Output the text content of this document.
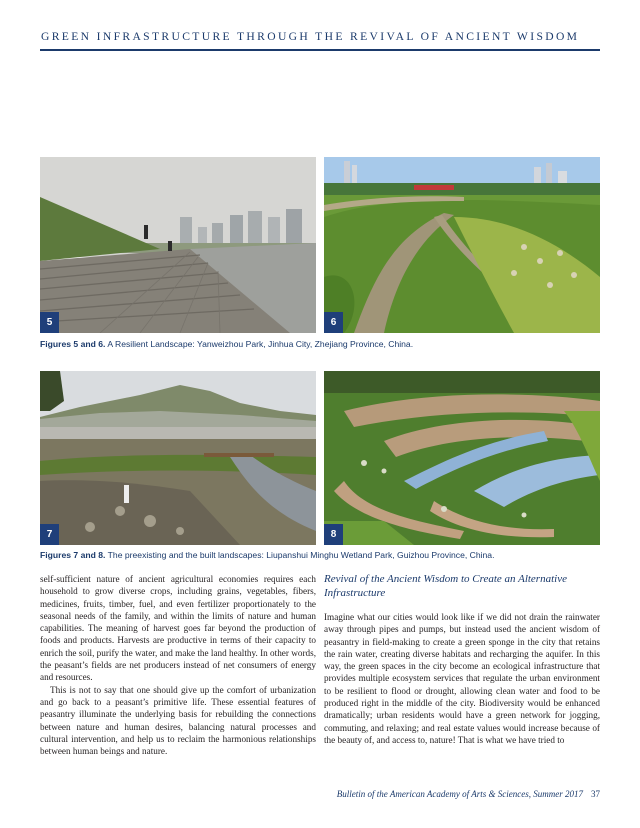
GREEN INFRASTRUCTURE THROUGH THE REVIVAL OF ANCIENT WISDOM
5	6
Figures 5 and 6. A Resilient Landscape: Yanweizhou Park, Jinhua City, Zhejiang Province, China.
7	8
Figures 7 and 8. The preexisting and the built landscapes: Liupanshui Minghu Wetland Park, Guizhou Province, China.

self-sufficient nature of ancient agricultural economies requires each household to grow diverse crops, including grains, vegetables, fibers, medicines, fruits, timber, fuel, and even fertilizer proportionately to the seasonal needs of the family, and within the limits of nature and human capabilities. The meaning of harvest goes far beyond the production of foods and products. Harvests are productive in terms of their capacity to enrich the soil, purify the water, and make the land healthy. In other words, the peasant’s fields are net producers instead of net consumers of energy and resources.

This is not to say that one should give up the comfort of urbanization and go back to a peasant’s primitive life. These essential features of peasantry illuminate the underlying basis for rebuilding the connections between nature and human desires, balancing natural processes and cultural intervention, and help us to reclaim the harmonious relationships between human beings and nature.

Revival of the Ancient Wisdom to Create an Alternative Infrastructure

Imagine what our cities would look like if we did not drain the rainwater away through pipes and pumps, but instead used the ancient wisdom of peasantry in field-making to create a green sponge in the city that retains the rain water, creating diverse habitats and recharging the aquifer. In this way, the green spaces in the city become an ecological infrastructure that provides multiple ecosystem services that regulate the urban environment to be resilient to flood or drought, allowing clean water and food to be produced right in the middle of the city. Biodiversity would be enhanced dramatically; urban residents would have a green network for jogging, commuting, and relaxing; and real estate values would increase because of the beauty of, and access to, nature! That is what we have tried to

Bulletin of the American Academy of Arts & Sciences, Summer 2017 37
